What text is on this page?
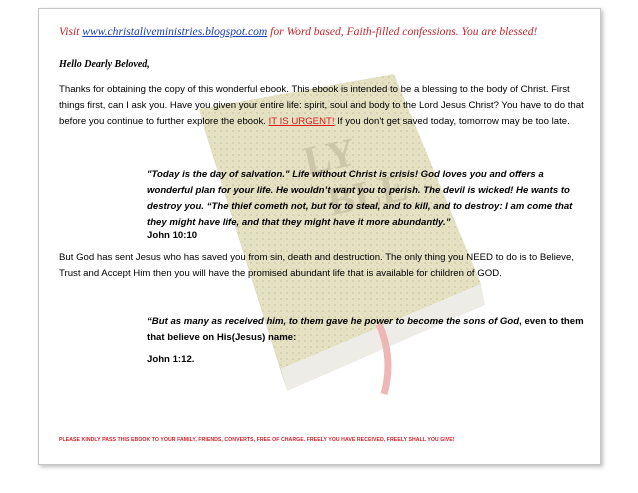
LY
BLE
Visit www.christaliveministries.blogspot.com for Word based, Faith-filled confessions. You are blessed!
Hello Dearly Beloved,
Thanks for obtaining the copy of this wonderful ebook. This ebook is intended to be a blessing to the body of Christ. First things first, can I ask you. Have you given your entire life: spirit, soul and body to the Lord Jesus Christ? You have to do that before you continue to further explore the ebook. IT IS URGENT! If you don't get saved today, tomorrow may be too late.
"Today is the day of salvation." Life without Christ is crisis! God loves you and offers a wonderful plan for your life. He wouldn’t want you to perish. The devil is wicked! He wants to destroy you. “The thief cometh not, but for to steal, and to kill, and to destroy: I am come that they might have life, and that they might have it more abundantly.”
John 10:10
But God has sent Jesus who has saved you from sin, death and destruction. The only thing you NEED to do is to Believe, Trust and Accept Him then you will have the promised abundant life that is available for children of GOD.
“But as many as received him, to them gave he power to become the sons of God, even to them that believe on His(Jesus) name:
John 1:12.
PLEASE KINDLY PASS THIS EBOOK TO YOUR FAMILY, FRIENDS, CONVERTS, FREE OF CHARGE. FREELY YOU HAVE RECEIVED, FREELY SHALL YOU GIVE!
